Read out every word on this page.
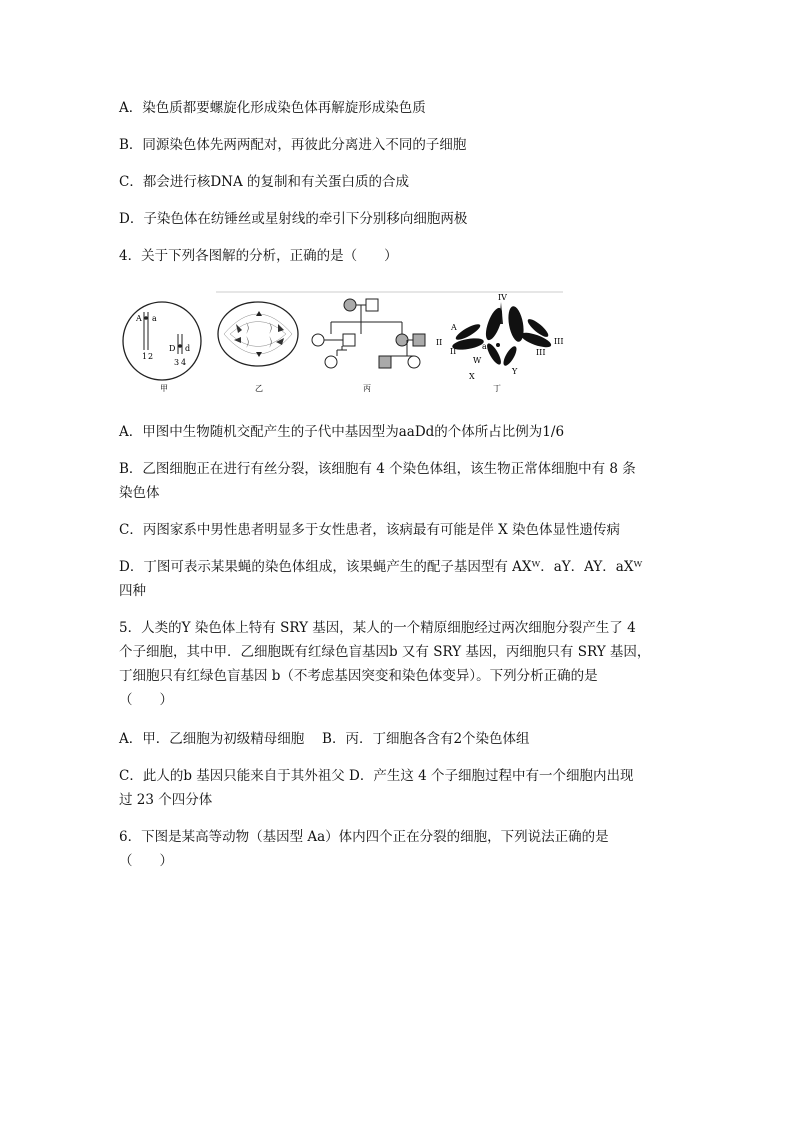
A．染色质都要螺旋化形成染色体再解旋形成染色质
B．同源染色体先两两配对，再彼此分离进入不同的子细胞
C．都会进行核DNA 的复制和有关蛋白质的合成
D．子染色体在纺锤丝或星射线的牵引下分别移向细胞两极
4．关于下列各图解的分析，正确的是（　　）
A a
D d
1 2
3 4
甲	乙	丙
IV
A
II
II
a
III
III
W
X
Y
丁
A．甲图中生物随机交配产生的子代中基因型为aaDd的个体所占比例为1/6
B．乙图细胞正在进行有丝分裂，该细胞有 4 个染色体组，该生物正常体细胞中有 8 条
染色体
C．丙图家系中男性患者明显多于女性患者，该病最有可能是伴 X 染色体显性遗传病
D．丁图可表示某果蝇的染色体组成，该果蝇产生的配子基因型有 AXᵂ．aY．AY．aXᵂ
四种
5．人类的Y 染色体上特有 SRY 基因，某人的一个精原细胞经过两次细胞分裂产生了 4
个子细胞，其中甲．乙细胞既有红绿色盲基因b 又有 SRY 基因，丙细胞只有 SRY 基因，
丁细胞只有红绿色盲基因 b（不考虑基因突变和染色体变异）。下列分析正确的是
（　　）
A．甲．乙细胞为初级精母细胞　 B．丙．丁细胞各含有2个染色体组
C．此人的b 基因只能来自于其外祖父 D．产生这 4 个子细胞过程中有一个细胞内出现
过 23 个四分体
6．下图是某高等动物（基因型 Aa）体内四个正在分裂的细胞，下列说法正确的是
（　　）
